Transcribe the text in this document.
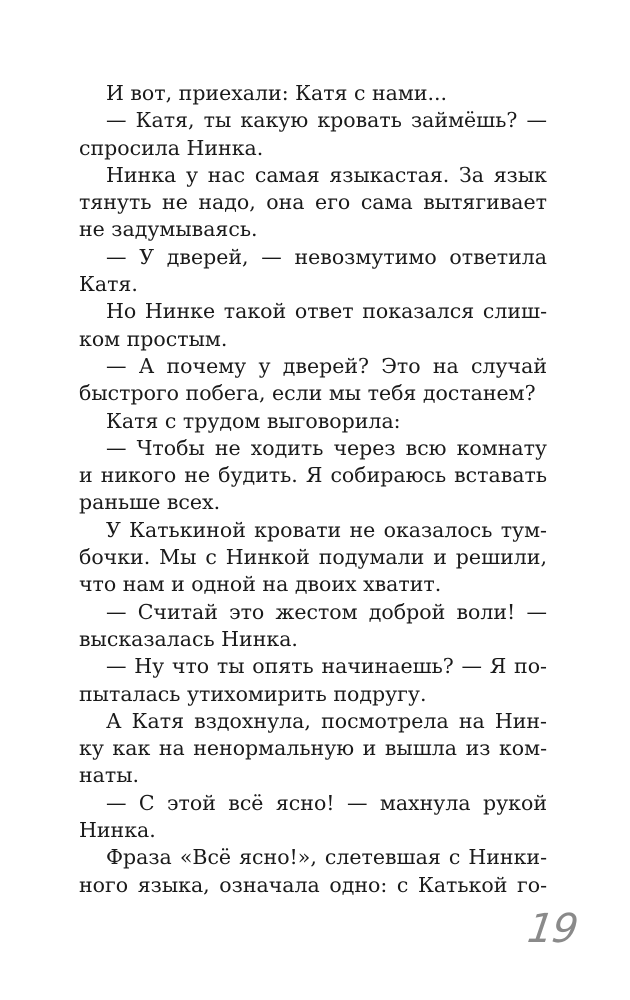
И вот, приехали: Катя с нами...
— Катя, ты какую кровать займёшь? —
спросила Нинка.
Нинка у нас самая языкастая. За язык
тянуть не надо, она его сама вытягивает
не задумываясь.
— У дверей, — невозмутимо ответила
Катя.
Но Нинке такой ответ показался слиш-
ком простым.
— А почему у дверей? Это на случай
быстрого побега, если мы тебя достанем?
Катя с трудом выговорила:
— Чтобы не ходить через всю комнату
и никого не будить. Я собираюсь вставать
раньше всех.
У Катькиной кровати не оказалось тум-
бочки. Мы с Нинкой подумали и решили,
что нам и одной на двоих хватит.
— Считай это жестом доброй воли! —
высказалась Нинка.
— Ну что ты опять начинаешь? — Я по-
пыталась утихомирить подругу.
А Катя вздохнула, посмотрела на Нин-
ку как на ненормальную и вышла из ком-
наты.
— С этой всё ясно! — махнула рукой
Нинка.
Фраза «Всё ясно!», слетевшая с Нинки-
ного языка, означала одно: с Катькой го-
19
